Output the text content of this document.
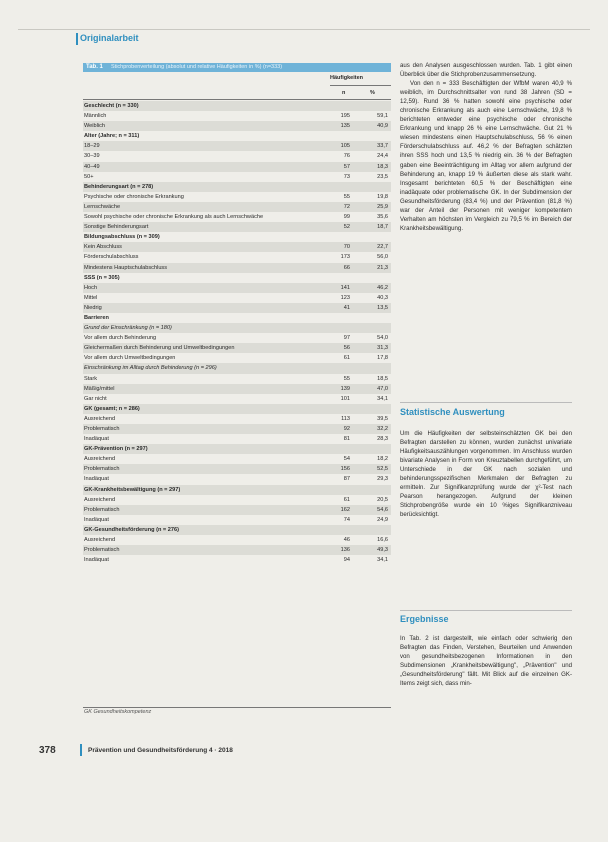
Originalarbeit
Tab. 1 Stichprobenverteilung (absolut und relative Häufigkeiten in %) (n=333)
Häufigkeiten
n	%
Geschlecht (n = 330)
Männlich	195	59,1
Weiblich	135	40,9
Alter (Jahre; n = 311)
18–29	105	33,7
30–39	76	24,4
40–49	57	18,3
50+	73	23,5
Behinderungsart (n = 278)
Psychische oder chronische Erkrankung	55	19,8
Lernschwäche	72	25,9
Sowohl psychische oder chronische Erkrankung als auch Lernschwäche	99	35,6
Sonstige Behinderungsart	52	18,7
Bildungsabschluss (n = 309)
Kein Abschluss	70	22,7
Förderschulabschluss	173	56,0
Mindestens Hauptschulabschluss	66	21,3
SSS (n = 305)
Hoch	141	46,2
Mittel	123	40,3
Niedrig	41	13,5
Barrieren
Grund der Einschränkung (n = 180)
Vor allem durch Behinderung	97	54,0
Gleichermaßen durch Behinderung und Umweltbedingungen	56	31,3
Vor allem durch Umweltbedingungen	61	17,8
Einschränkung im Alltag durch Behinderung (n = 296)
Stark	55	18,5
Mäßig/mittel	139	47,0
Gar nicht	101	34,1
GK (gesamt; n = 286)
Ausreichend	113	39,5
Problematisch	92	32,2
Inadäquat	81	28,3
GK-Prävention (n = 297)
Ausreichend	54	18,2
Problematisch	156	52,5
Inadäquat	87	29,3
GK-Krankheitsbewältigung (n = 297)
Ausreichend	61	20,5
Problematisch	162	54,6
Inadäquat	74	24,9
GK-Gesundheitsförderung (n = 276)
Ausreichend	46	16,6
Problematisch	136	49,3
Inadäquat	94	34,1
GK Gesundheitskompetenz

aus den Analysen ausgeschlossen wurden. Tab. 1 gibt einen Überblick über die Stichprobenzusammensetzung.

Von den n = 333 Beschäftigten der WfbM waren 40,9 % weiblich, im Durchschnittsalter von rund 38 Jahren (SD = 12,59). Rund 36 % hatten sowohl eine psychische oder chronische Erkrankung als auch eine Lernschwäche, 19,8 % berichteten entweder eine psychische oder chronische Erkrankung und knapp 26 % eine Lernschwäche. Gut 21 % wiesen mindestens einen Hauptschulabschluss, 56 % einen Förderschulabschluss auf. 46,2 % der Befragten schätzten ihren SSS hoch und 13,5 % niedrig ein. 36 % der Befragten gaben eine Beeinträchtigung im Alltag vor allem aufgrund der Behinderung an, knapp 19 % äußerten diese als stark wahr. Insgesamt berichteten 60,5 % der Beschäftigten eine inadäquate oder problematische GK. In der Subdimension der Gesundheitsförderung (83,4 %) und der Prävention (81,8 %) war der Anteil der Personen mit weniger kompetentem Verhalten am höchsten im Vergleich zu 79,5 % im Bereich der Krankheitsbewältigung.

Statistische Auswertung

Um die Häufigkeiten der selbsteinschätzten GK bei den Befragten darstellen zu können, wurden zunächst univariate Häufigkeitsauszählungen vorgenommen. Im Anschluss wurden bivariate Analysen in Form von Kreuztabellen durchgeführt, um Unterschiede in der GK nach sozialen und behinderungsspezifischen Merkmalen der Befragten zu ermitteln. Zur Signifikanzprüfung wurde der χ²-Test nach Pearson herangezogen. Aufgrund der kleinen Stichprobengröße wurde ein 10 %iges Signifikanzniveau berücksichtigt.

Ergebnisse

In Tab. 2 ist dargestellt, wie einfach oder schwierig den Befragten das Finden, Verstehen, Beurteilen und Anwenden von gesundheitsbezogenen Informationen in den Subdimensionen „Krankheitsbewältigung", „Prävention" und „Gesundheitsförderung" fällt. Mit Blick auf die einzelnen GK-Items zeigt sich, dass min-

378	Prävention und Gesundheitsförderung 4 · 2018
